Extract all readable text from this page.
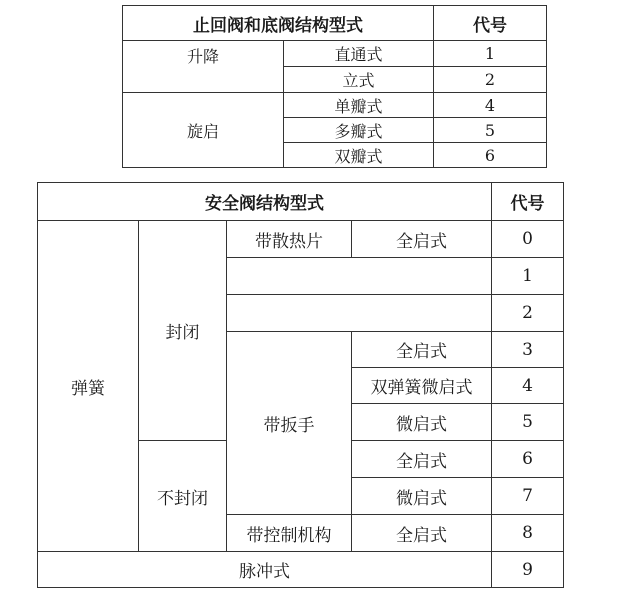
止回阀和底阀结构型式		代号
升降	直通式	1
	立式	2
旋启	单瓣式	4
	多瓣式	5
	双瓣式	6
安全阀结构型式				代号
弹簧	封闭	带散热片	全启式	0
				1
				2
		带扳手	全启式	3
			双弹簧微启式	4
			微启式	5
	不封闭		全启式	6
			微启式	7
		带控制机构	全启式	8
脉冲式				9
